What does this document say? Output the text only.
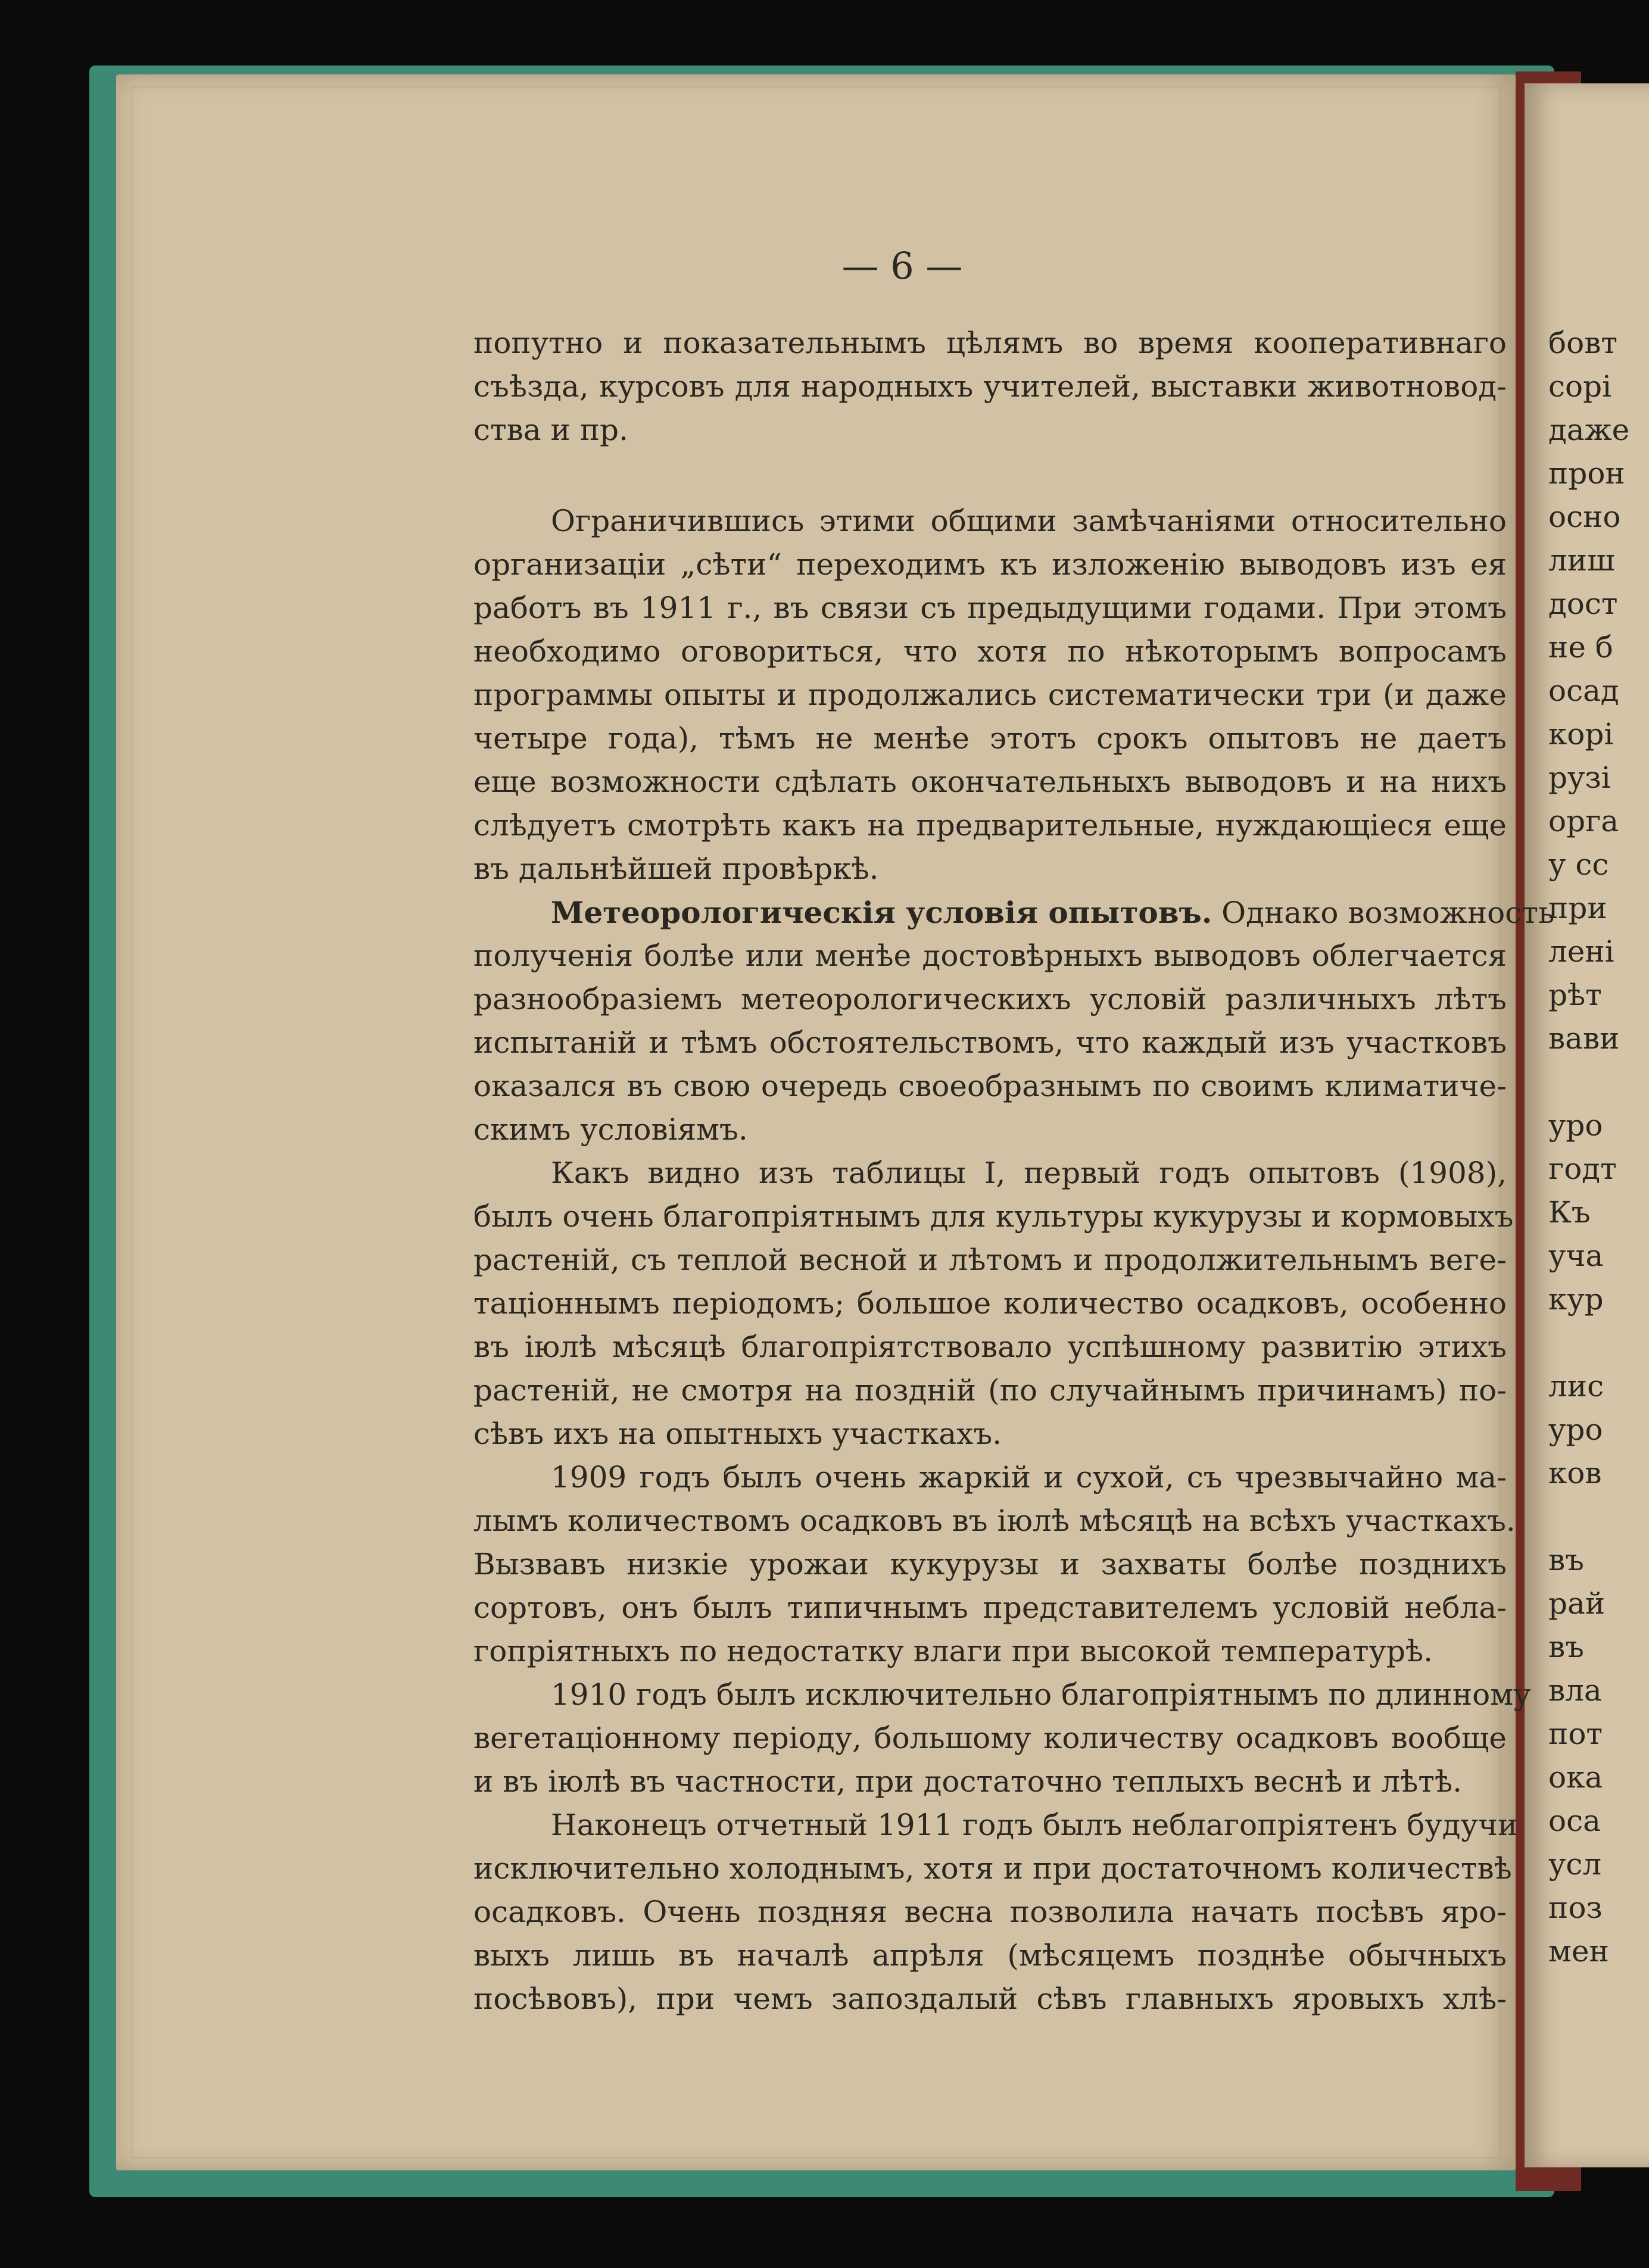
— 6 —
попутно и показательнымъ цѣлямъ во время кооперативнаго
съѣзда, курсовъ для народныхъ учителей, выставки животновод-
ства и пр.
Ограничившись этими общими замѣчаніями относительно
организаціи „сѣти“ переходимъ къ изложенію выводовъ изъ ея
работъ въ 1911 г., въ связи съ предыдущими годами. При этомъ
необходимо оговориться, что хотя по нѣкоторымъ вопросамъ
программы опыты и продолжались систематически три (и даже
четыре года), тѣмъ не менѣе этотъ срокъ опытовъ не даетъ
еще возможности сдѣлать окончательныхъ выводовъ и на нихъ
слѣдуетъ смотрѣть какъ на предварительные, нуждающіеся еще
въ дальнѣйшей провѣркѣ.
Метеорологическія условія опытовъ. Однако возможность
полученія болѣе или менѣе достовѣрныхъ выводовъ облегчается
разнообразіемъ метеорологическихъ условій различныхъ лѣтъ
испытаній и тѣмъ обстоятельствомъ, что каждый изъ участковъ
оказался въ свою очередь своеобразнымъ по своимъ климатиче-
скимъ условіямъ.
Какъ видно изъ таблицы I, первый годъ опытовъ (1908),
былъ очень благопріятнымъ для культуры кукурузы и кормовыхъ
растеній, съ теплой весной и лѣтомъ и продолжительнымъ веге-
таціоннымъ періодомъ; большое количество осадковъ, особенно
въ іюлѣ мѣсяцѣ благопріятствовало успѣшному развитію этихъ
растеній, не смотря на поздній (по случайнымъ причинамъ) по-
сѣвъ ихъ на опытныхъ участкахъ.
1909 годъ былъ очень жаркій и сухой, съ чрезвычайно ма-
лымъ количествомъ осадковъ въ іюлѣ мѣсяцѣ на всѣхъ участкахъ.
Вызвавъ низкіе урожаи кукурузы и захваты болѣе позднихъ
сортовъ, онъ былъ типичнымъ представителемъ условій небла-
гопріятныхъ по недостатку влаги при высокой температурѣ.
1910 годъ былъ исключительно благопріятнымъ по длинному
вегетаціонному періоду, большому количеству осадковъ вообще
и въ іюлѣ въ частности, при достаточно теплыхъ веснѣ и лѣтѣ.
Наконецъ отчетный 1911 годъ былъ неблагопріятенъ будучи
исключительно холоднымъ, хотя и при достаточномъ количествѣ
осадковъ. Очень поздняя весна позволила начать посѣвъ яро-
выхъ лишь въ началѣ апрѣля (мѣсяцемъ позднѣе обычныхъ
посѣвовъ), при чемъ запоздалый сѣвъ главныхъ яровыхъ хлѣ-
бовт
сорі
даже
прон
осно
лиш
дост
не б
осад
корі
рузі
орга
у сс
при
лені
рѣт
вави
уро
годт
Къ
уча
кур
лис
уро
ков
въ
рай
въ
вла
пот
ока
оса
усл
поз
мен
